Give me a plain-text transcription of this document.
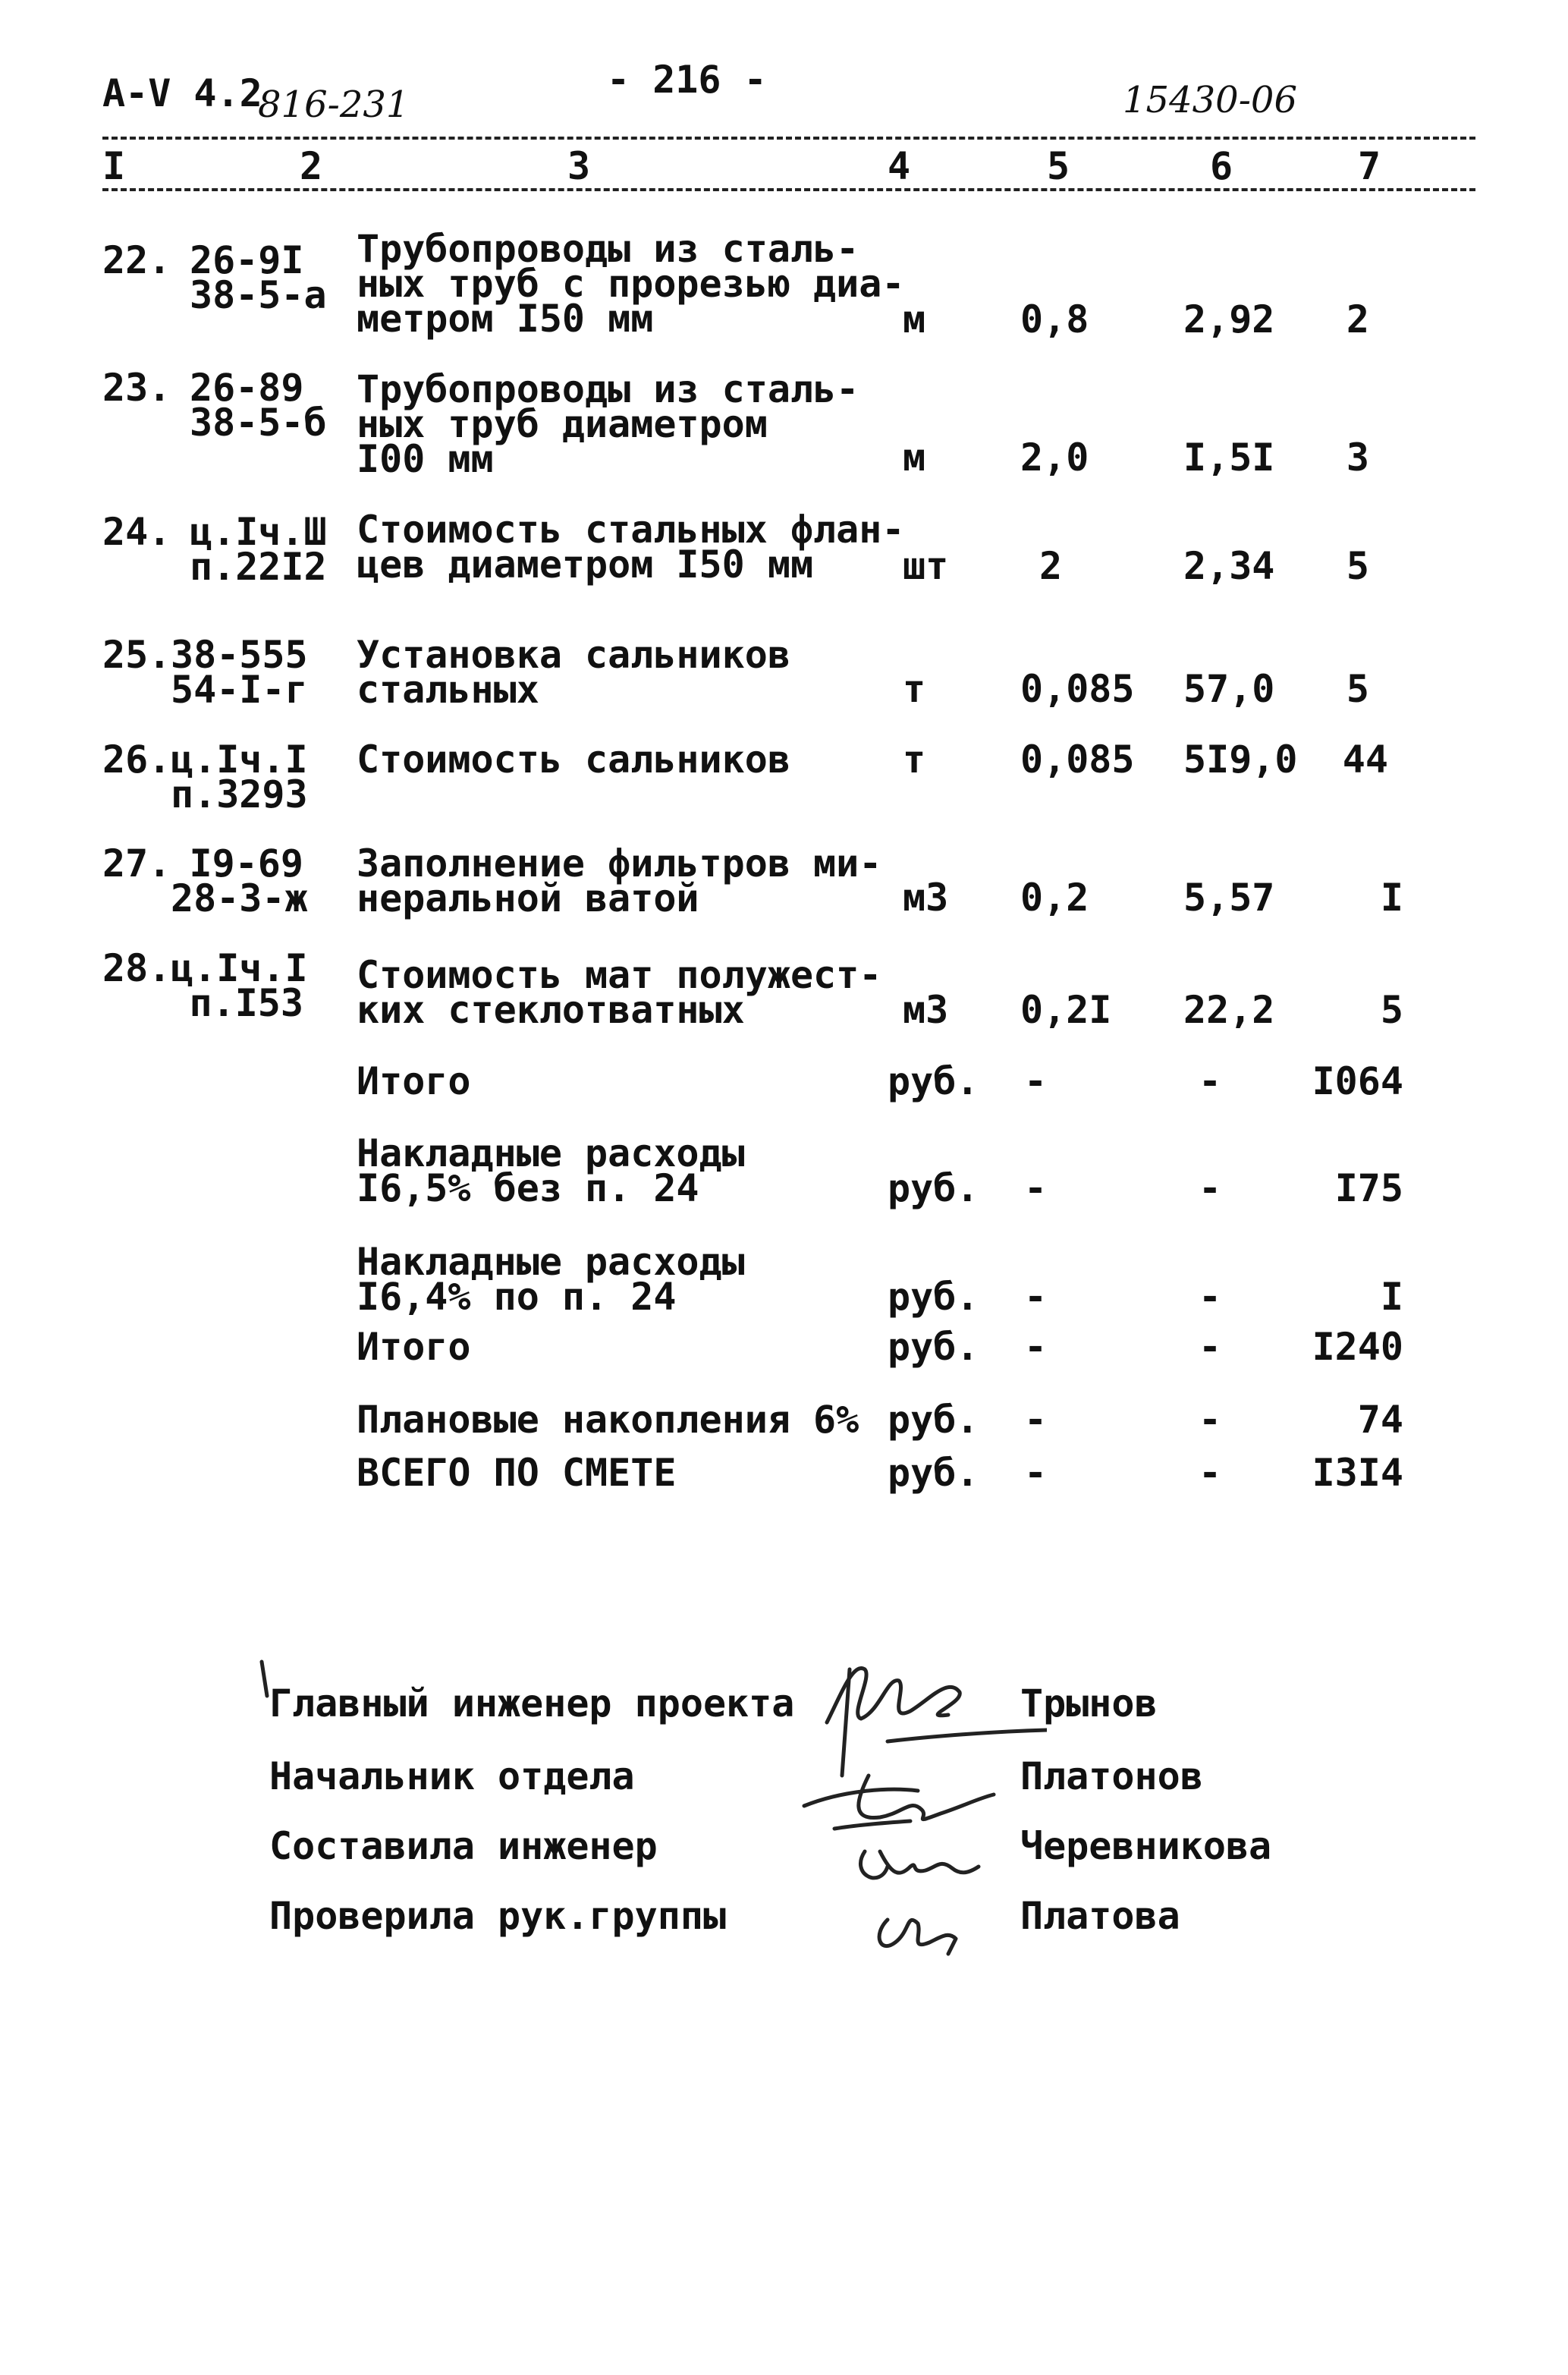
А-V 4.2
816-231
- 216 -	15430-06
I	2	3	4	5	6	7
22. 26-9I
38-5-а
Трубопроводы из сталь-
ных труб с прорезью диа-
метром I50 мм	м 0,8 2,92	2
23. 26-89
38-5-б
Трубопроводы из сталь-
ных труб диаметром
I00 мм	м 2,0 I,5I	3
24. ц.Iч.Ш
п.22I2
Стоимость стальных флан-
цев диаметром I50 мм	шт 2	2,34	5
25. 38-555
54-I-г
Установка сальников
стальных	т 0,085 57,0	5
26. ц.Iч.I
п.3293
Стоимость сальников	т 0,085 5I9,0	44
27. I9-69
28-3-ж
Заполнение фильтров ми-
неральной ватой	м3 0,2 5,57	I
28. ц.Iч.I
п.I53
Стоимость мат полужест-
ких стеклотватных	м3 0,2I 22,2	5
Итого	руб. -	-	I064
Накладные расходы
I6,5% без п. 24	руб. -	-	I75
Накладные расходы
I6,4% по п. 24	руб. -	-	I
Итого	руб. -	-	I240
Плановые накопления 6% руб. -	-	74
ВСЕГО ПО СМЕТЕ	руб. -	-	I3I4
Главный инженер проекта	Трынов
Начальник отдела	Платонов
Составила инженер	Черевникова
Проверила рук.группы	Платова
